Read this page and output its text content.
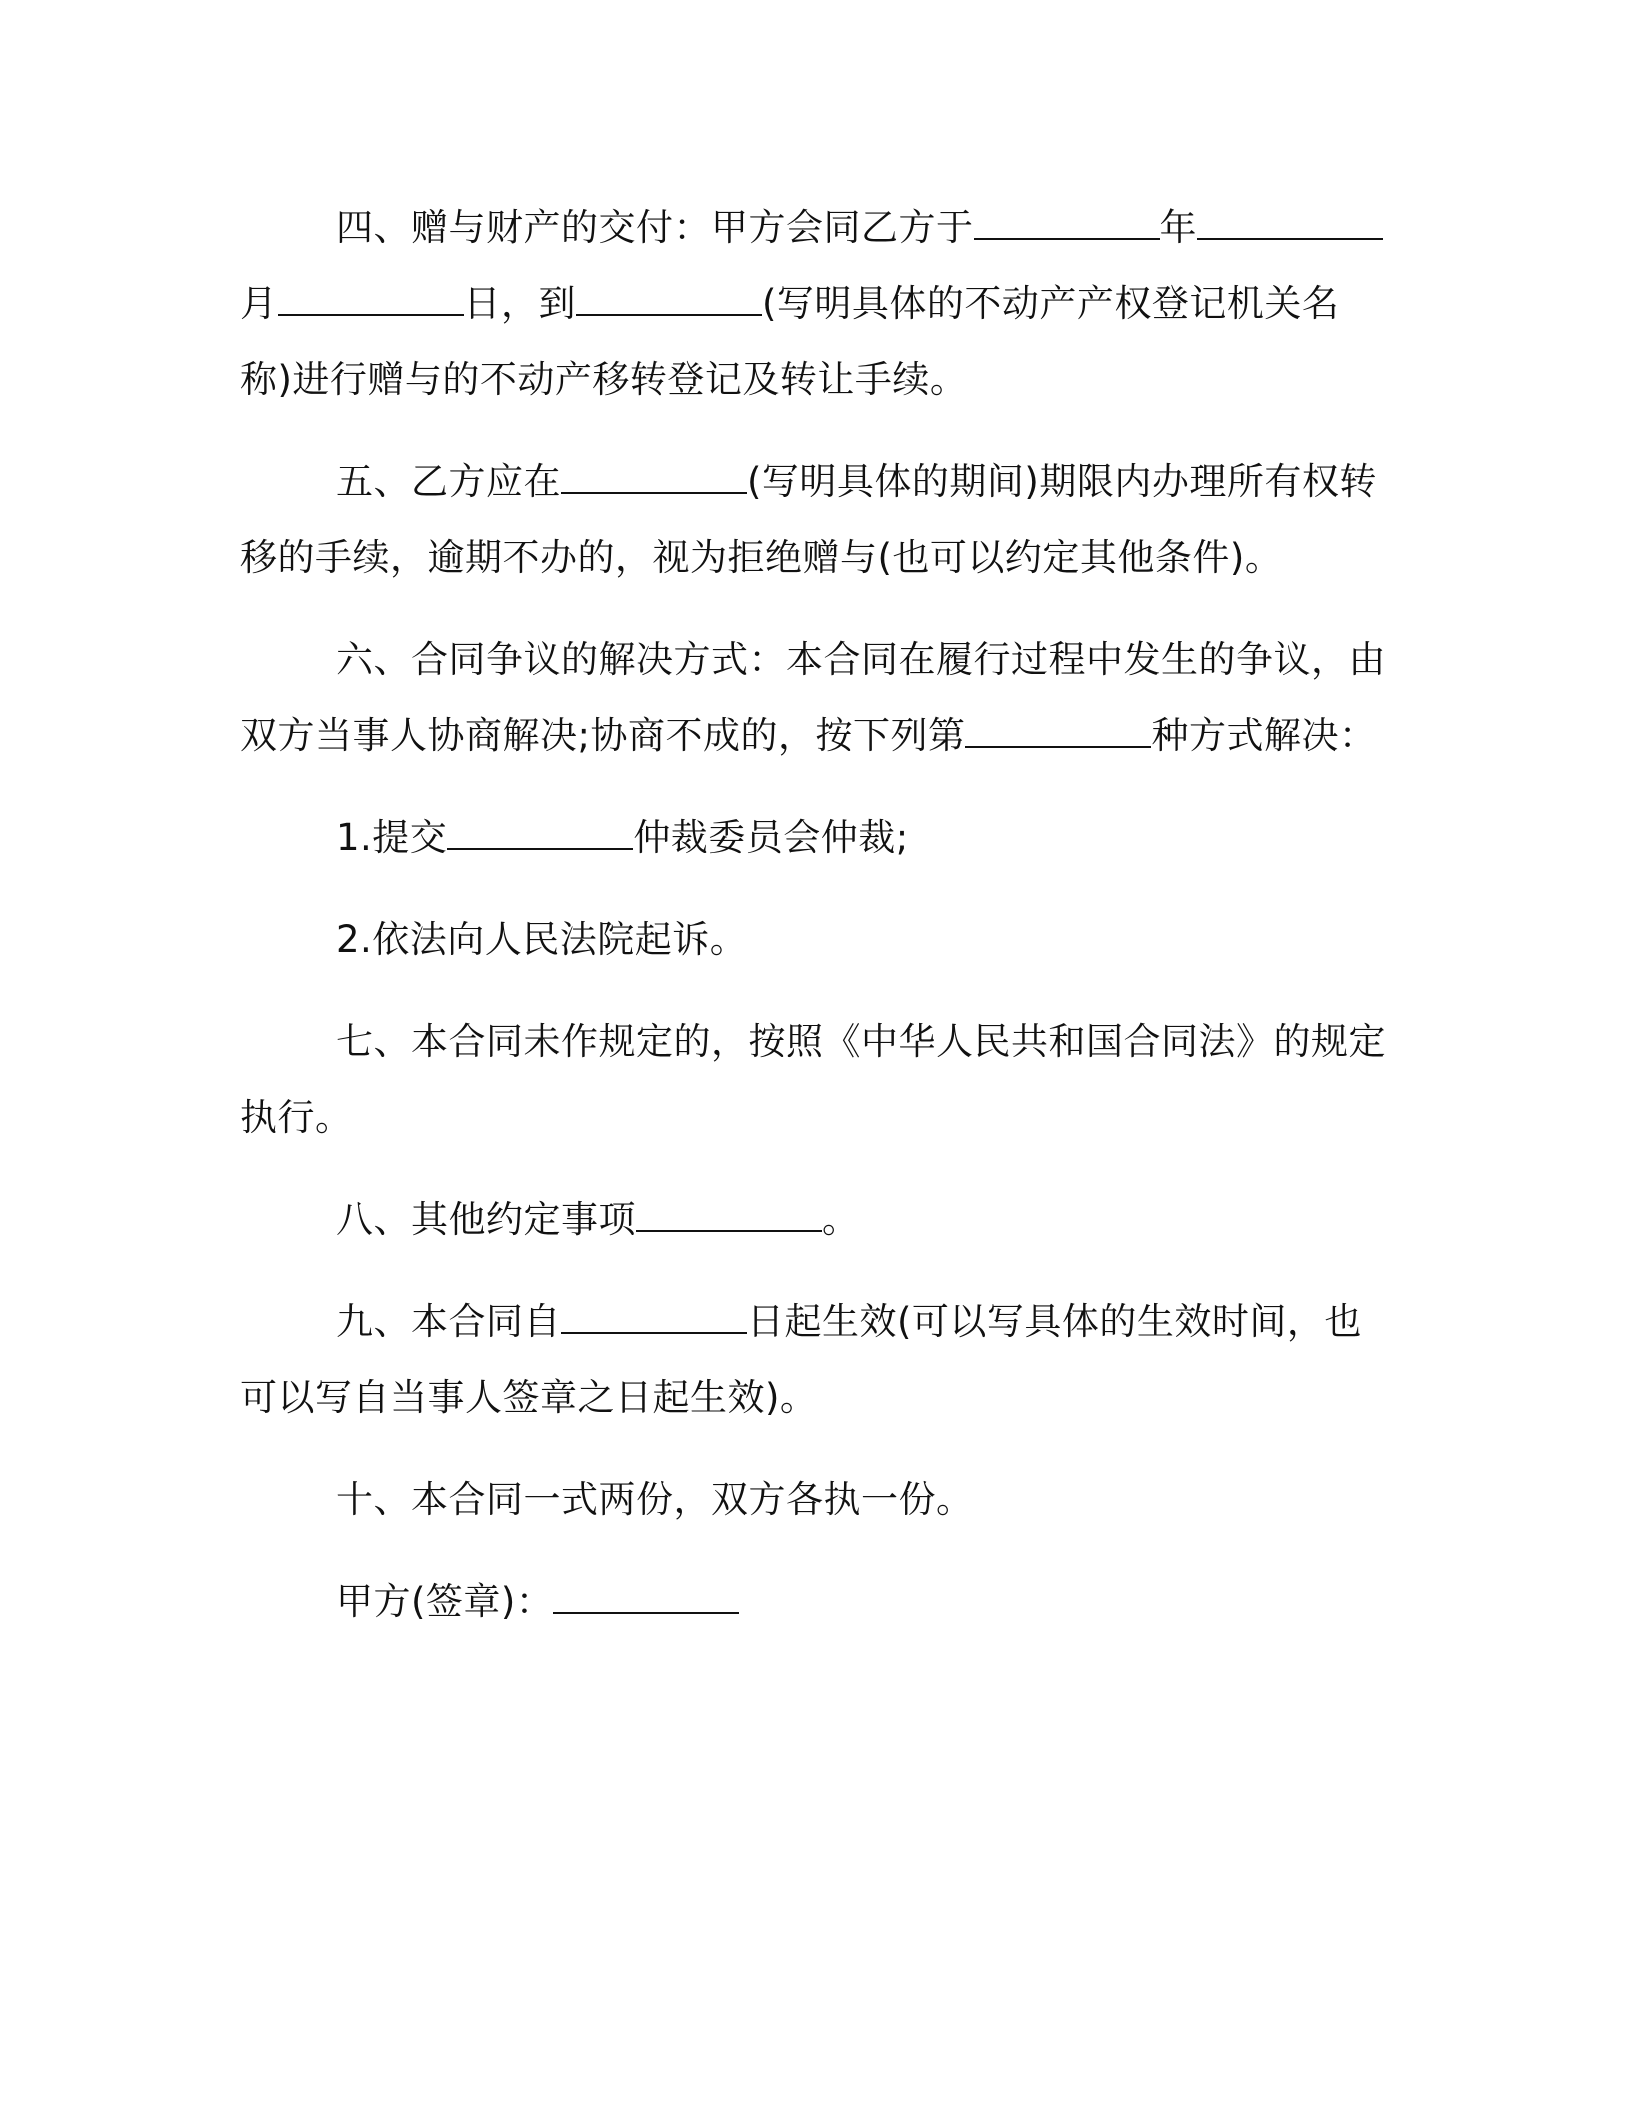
四、赠与财产的交付：甲方会同乙方于	年月	日，到	(写明具体的不动产产权登记机关名称)进行赠与的不动产移转登记及转让手续。

五、乙方应在	(写明具体的期间)期限内办理所有权转移的手续，逾期不办的，视为拒绝赠与(也可以约定其他条件)。

六、合同争议的解决方式：本合同在履行过程中发生的争议，由双方当事人协商解决;协商不成的，按下列第	种方式解决：

1.提交	仲裁委员会仲裁;

2.依法向人民法院起诉。

七、本合同未作规定的，按照《中华人民共和国合同法》的规定执行。

八、其他约定事项	。

九、本合同自	日起生效(可以写具体的生效时间，也可以写自当事人签章之日起生效)。

十、本合同一式两份，双方各执一份。

甲方(签章)：
